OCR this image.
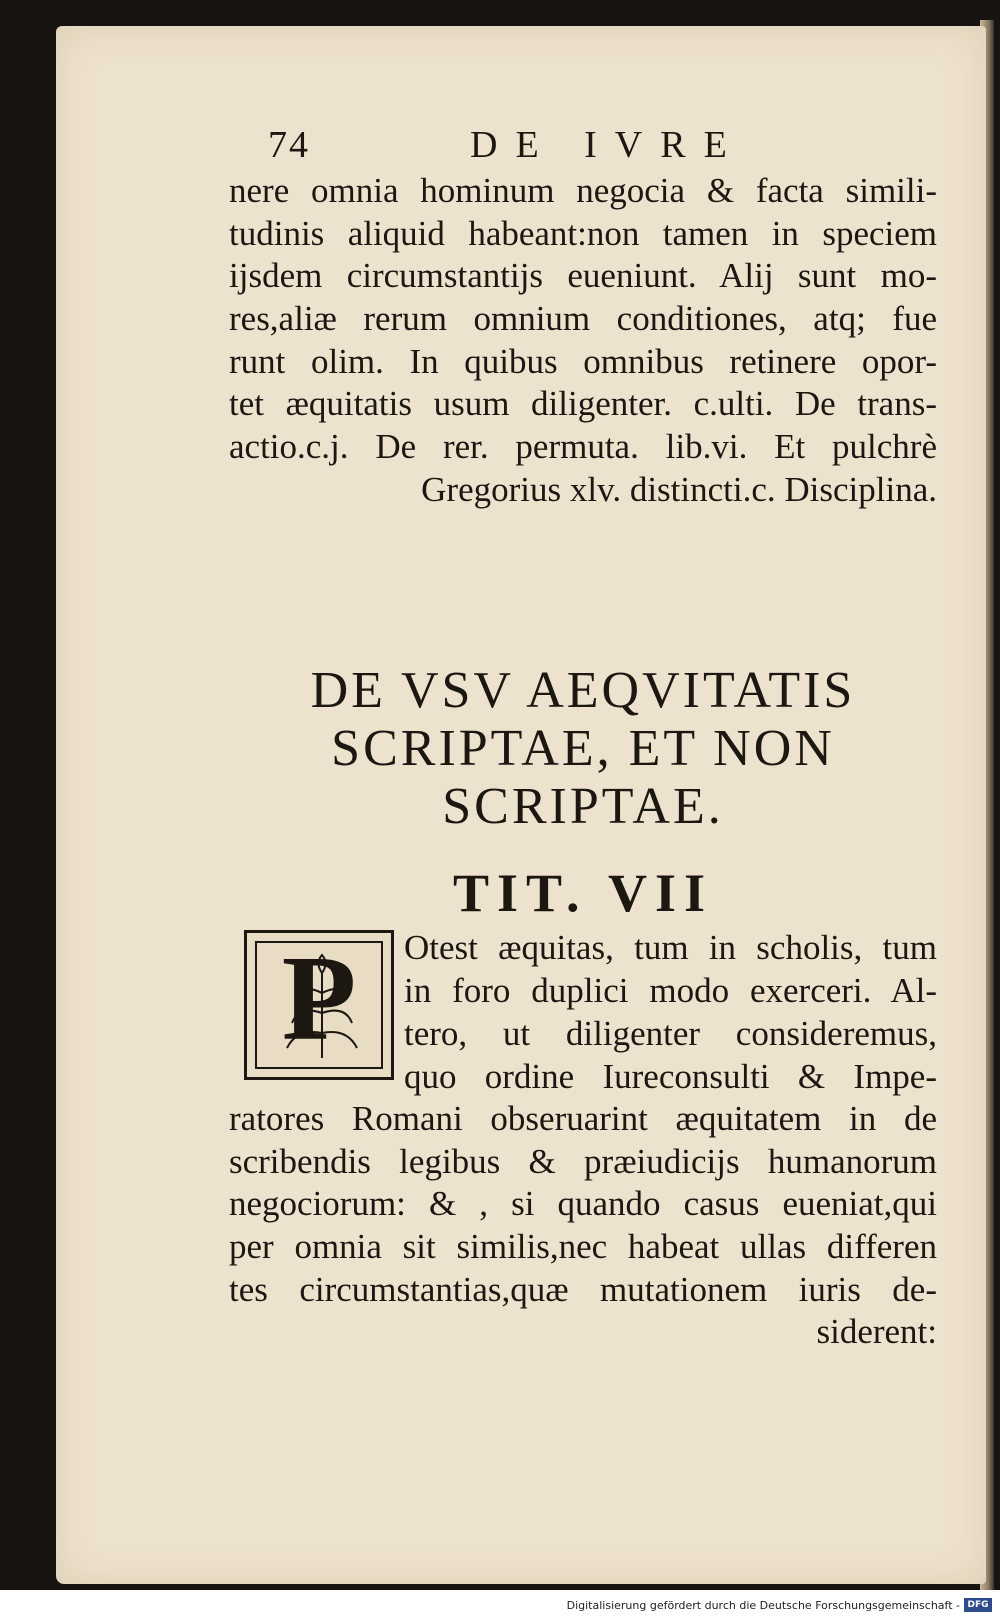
74	DE IVRE
nere omnia hominum negocia & facta simili-
tudinis aliquid habeant:non tamen in speciem
ijsdem circumstantijs eueniunt. Alij sunt mo-
res,aliæ rerum omnium conditiones, atq; fue
runt olim. In quibus omnibus retinere opor-
tet æquitatis usum diligenter. c.ulti. De trans-
actio.c.j. De rer. permuta. lib.vi. Et pulchrè
Gregorius xlv. distincti.c. Disciplina.
DE VSV AEQVITATIS
SCRIPTAE, ET NON
SCRIPTAE.
TIT. VII
P	Otest æquitas, tum in scholis, tum
in foro duplici modo exerceri. Al-
tero, ut diligenter consideremus,
quo ordine Iureconsulti & Impe-
ratores Romani obseruarint æquitatem in de
scribendis legibus & præiudicijs humanorum
negociorum: & , si quando casus eueniat,qui
per omnia sit similis,nec habeat ullas differen
tes circumstantias,quæ mutationem iuris de-
siderent:
Digitalisierung gefördert durch die Deutsche Forschungsgemeinschaft - DFG
